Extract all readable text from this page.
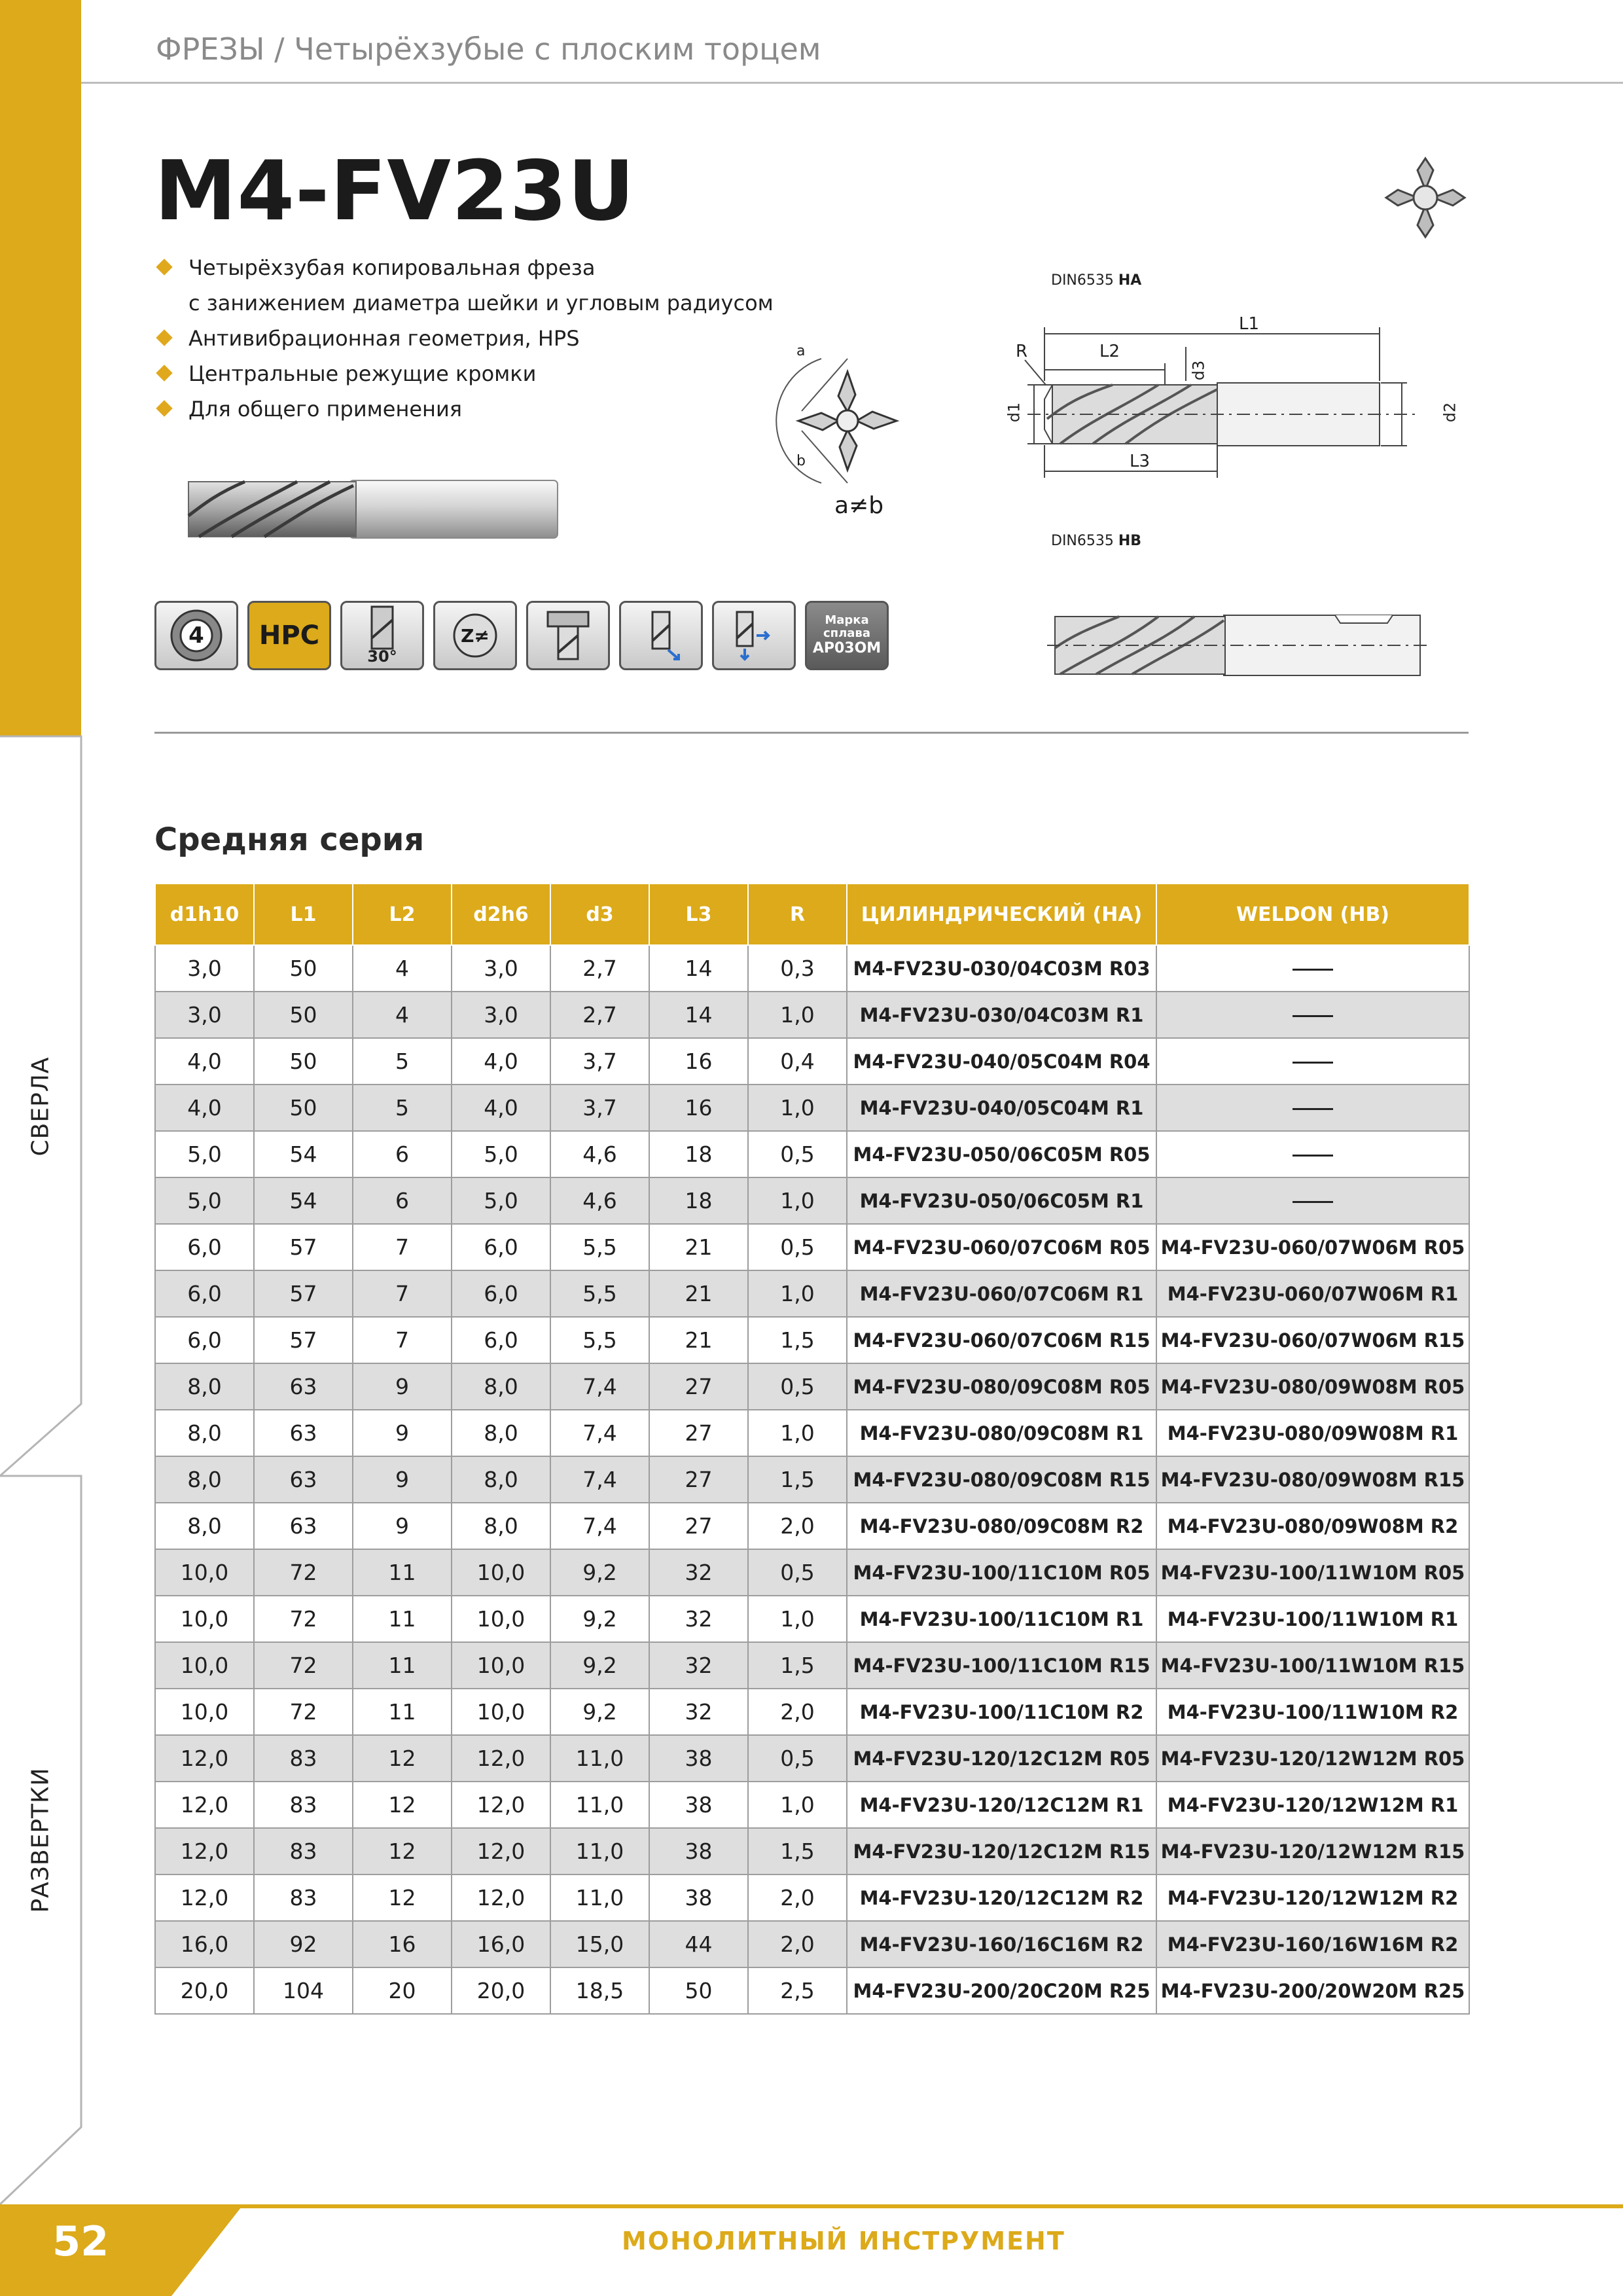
СВЕРЛА
РАЗВЕРТКИ
ФРЕЗЫ / Четырёхзубые с плоским торцем
M4-FV23U
Четырёхзубая копировальная фреза
с занижением диаметра шейки и угловым радиусом
Антивибрационная геометрия, HPS
Центральные режущие кромки
Для общего применения
a
b
a≠b
DIN6535 HA
L1
L2
L3
R
d3
d1	d2
DIN6535 HB
4	HPC
30°
Z≠
Марка
сплава
AP03OM
Средняя серия
d1h10	L1	L2	d2h6	d3	L3	R	ЦИЛИНДРИЧЕСКИЙ (HA)	WELDON (HB)
3,0	50	4	3,0	2,7	14	0,3	M4-FV23U-030/04C03M R03	
3,0	50	4	3,0	2,7	14	1,0	M4-FV23U-030/04C03M R1	
4,0	50	5	4,0	3,7	16	0,4	M4-FV23U-040/05C04M R04	
4,0	50	5	4,0	3,7	16	1,0	M4-FV23U-040/05C04M R1	
5,0	54	6	5,0	4,6	18	0,5	M4-FV23U-050/06C05M R05	
5,0	54	6	5,0	4,6	18	1,0	M4-FV23U-050/06C05M R1	
6,0	57	7	6,0	5,5	21	0,5	M4-FV23U-060/07C06M R05	M4-FV23U-060/07W06M R05
6,0	57	7	6,0	5,5	21	1,0	M4-FV23U-060/07C06M R1	M4-FV23U-060/07W06M R1
6,0	57	7	6,0	5,5	21	1,5	M4-FV23U-060/07C06M R15	M4-FV23U-060/07W06M R15
8,0	63	9	8,0	7,4	27	0,5	M4-FV23U-080/09C08M R05	M4-FV23U-080/09W08M R05
8,0	63	9	8,0	7,4	27	1,0	M4-FV23U-080/09C08M R1	M4-FV23U-080/09W08M R1
8,0	63	9	8,0	7,4	27	1,5	M4-FV23U-080/09C08M R15	M4-FV23U-080/09W08M R15
8,0	63	9	8,0	7,4	27	2,0	M4-FV23U-080/09C08M R2	M4-FV23U-080/09W08M R2
10,0	72	11	10,0	9,2	32	0,5	M4-FV23U-100/11C10M R05	M4-FV23U-100/11W10M R05
10,0	72	11	10,0	9,2	32	1,0	M4-FV23U-100/11C10M R1	M4-FV23U-100/11W10M R1
10,0	72	11	10,0	9,2	32	1,5	M4-FV23U-100/11C10M R15	M4-FV23U-100/11W10M R15
10,0	72	11	10,0	9,2	32	2,0	M4-FV23U-100/11C10M R2	M4-FV23U-100/11W10M R2
12,0	83	12	12,0	11,0	38	0,5	M4-FV23U-120/12C12M R05	M4-FV23U-120/12W12M R05
12,0	83	12	12,0	11,0	38	1,0	M4-FV23U-120/12C12M R1	M4-FV23U-120/12W12M R1
12,0	83	12	12,0	11,0	38	1,5	M4-FV23U-120/12C12M R15	M4-FV23U-120/12W12M R15
12,0	83	12	12,0	11,0	38	2,0	M4-FV23U-120/12C12M R2	M4-FV23U-120/12W12M R2
16,0	92	16	16,0	15,0	44	2,0	M4-FV23U-160/16C16M R2	M4-FV23U-160/16W16M R2
20,0	104	20	20,0	18,5	50	2,5	M4-FV23U-200/20C20M R25	M4-FV23U-200/20W20M R25
52	МОНОЛИТНЫЙ ИНСТРУМЕНТ
